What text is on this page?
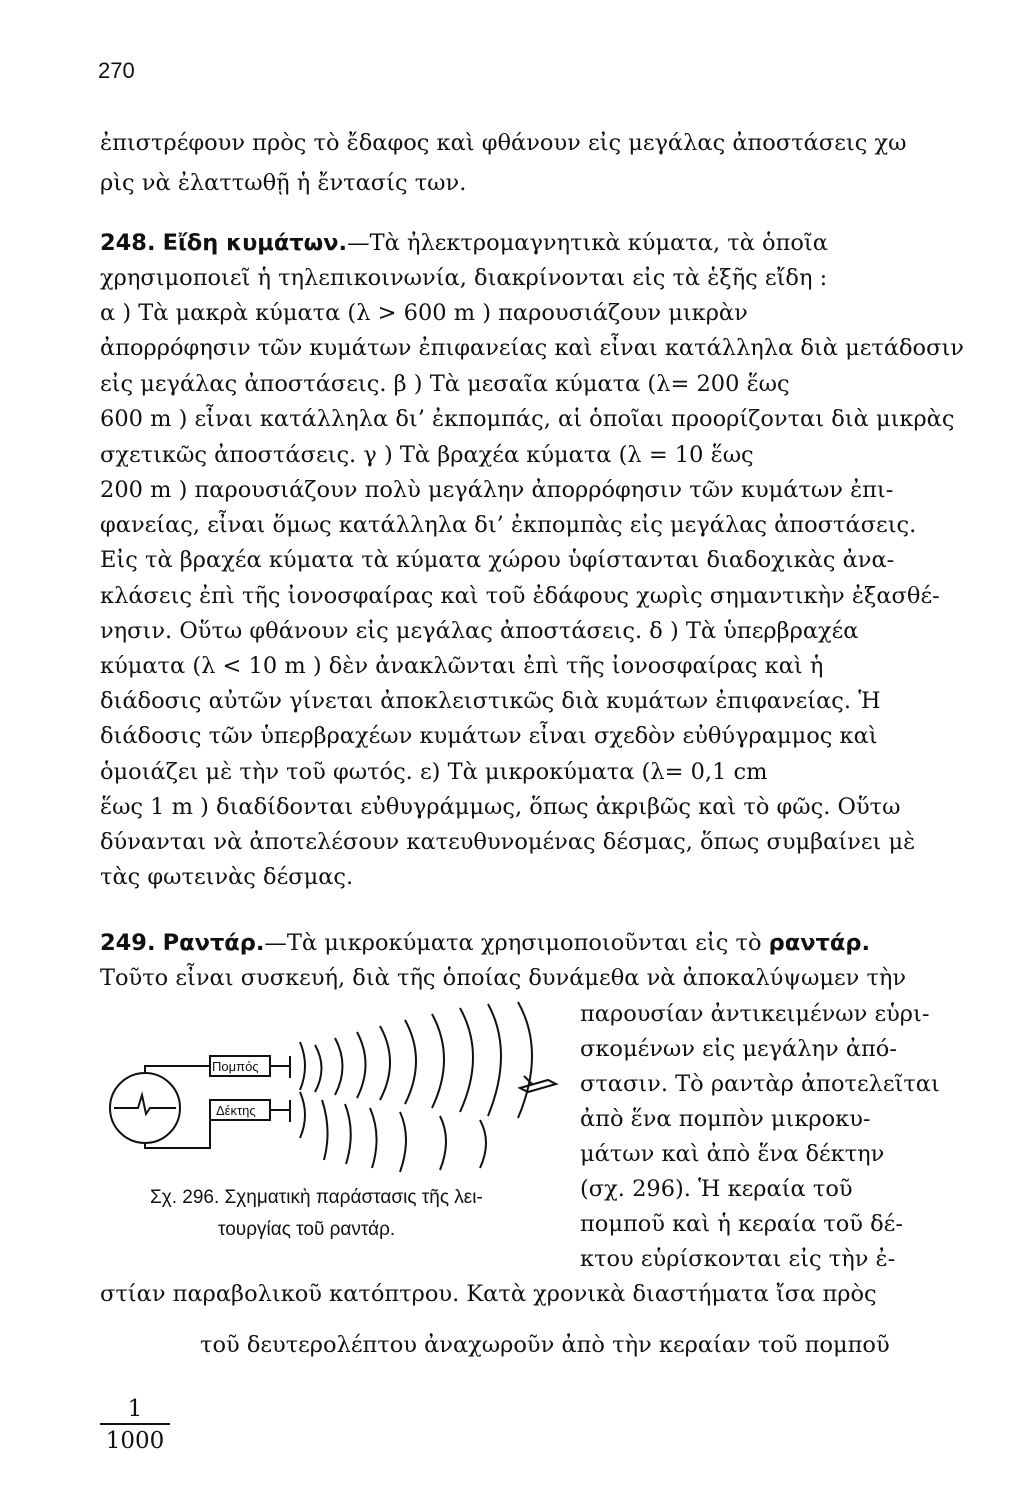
270
ἐπιστρέφουν πρὸς τὸ ἔδαφος καὶ φθάνουν εἰς μεγάλας ἀποστάσεις χω
ρὶς νὰ ἐλαττωθῇ ἡ ἔντασίς των.
248. Εἴδη κυμάτων.—Τὰ ἠλεκτρομαγνητικὰ κύματα, τὰ ὁποῖα
χρησιμοποιεῖ ἡ τηλεπικοινωνία, διακρίνονται εἰς τὰ ἑξῆς εἴδη :
α ) Τὰ μακρὰ κύματα (λ > 600 m ) παρουσιάζουν μικρὰν
ἀπορρόφησιν τῶν κυμάτων ἐπιφανείας καὶ εἶναι κατάλληλα διὰ μετάδοσιν
εἰς μεγάλας ἀποστάσεις. β ) Τὰ μεσαῖα κύματα (λ= 200 ἕως
600 m ) εἶναι κατάλληλα δι’ ἐκπομπάς, αἱ ὁποῖαι προορίζονται διὰ μικρὰς
σχετικῶς ἀποστάσεις. γ ) Τὰ βραχέα κύματα (λ = 10 ἕως
200 m ) παρουσιάζουν πολὺ μεγάλην ἀπορρόφησιν τῶν κυμάτων ἐπι-
φανείας, εἶναι ὅμως κατάλληλα δι’ ἐκπομπὰς εἰς μεγάλας ἀποστάσεις.
Εἰς τὰ βραχέα κύματα τὰ κύματα χώρου ὑφίστανται διαδοχικὰς ἀνα-
κλάσεις ἐπὶ τῆς ἰονοσφαίρας καὶ τοῦ ἐδάφους χωρὶς σημαντικὴν ἐξασθέ-
νησιν. Οὕτω φθάνουν εἰς μεγάλας ἀποστάσεις. δ ) Τὰ ὑπερβραχέα
κύματα (λ < 10 m ) δὲν ἀνακλῶνται ἐπὶ τῆς ἰονοσφαίρας καὶ ἡ
διάδοσις αὐτῶν γίνεται ἀποκλειστικῶς διὰ κυμάτων ἐπιφανείας. Ἡ
διάδοσις τῶν ὑπερβραχέων κυμάτων εἶναι σχεδὸν εὐθύγραμμος καὶ
ὁμοιάζει μὲ τὴν τοῦ φωτός. ε) Τὰ μικροκύματα (λ= 0,1 cm
ἕως 1 m ) διαδίδονται εὐθυγράμμως, ὅπως ἀκριβῶς καὶ τὸ φῶς. Οὕτω
δύνανται νὰ ἀποτελέσουν κατευθυνομένας δέσμας, ὅπως συμβαίνει μὲ
τὰς φωτεινὰς δέσμας.
249. Ραντάρ.—Τὰ μικροκύματα χρησιμοποιοῦνται εἰς τὸ ραντάρ.
Τοῦτο εἶναι συσκευή, διὰ τῆς ὁποίας δυνάμεθα νὰ ἀποκαλύψωμεν τὴν
παρουσίαν ἀντικειμένων εὑρι-
σκομένων εἰς μεγάλην ἀπό-
στασιν. Τὸ ραντὰρ ἀποτελεῖται
ἀπὸ ἕνα πομπὸν μικροκυ-
μάτων καὶ ἀπὸ ἕνα δέκτην
(σχ. 296). Ἡ κεραία τοῦ
πομποῦ καὶ ἡ κεραία τοῦ δέ-
κτου εὑρίσκονται εἰς τὴν ἐ-
Πομπός
Δέκτης
Σχ. 296. Σχηματικὴ παράστασις τῆς λει-
τουργίας τοῦ ραντάρ.
στίαν παραβολικοῦ κατόπτρου. Κατὰ χρονικὰ διαστήματα ἴσα πρὸς
$\frac{1}{1000}$
τοῦ δευτερολέπτου ἀναχωροῦν ἀπὸ τὴν κεραίαν τοῦ πομποῦ
